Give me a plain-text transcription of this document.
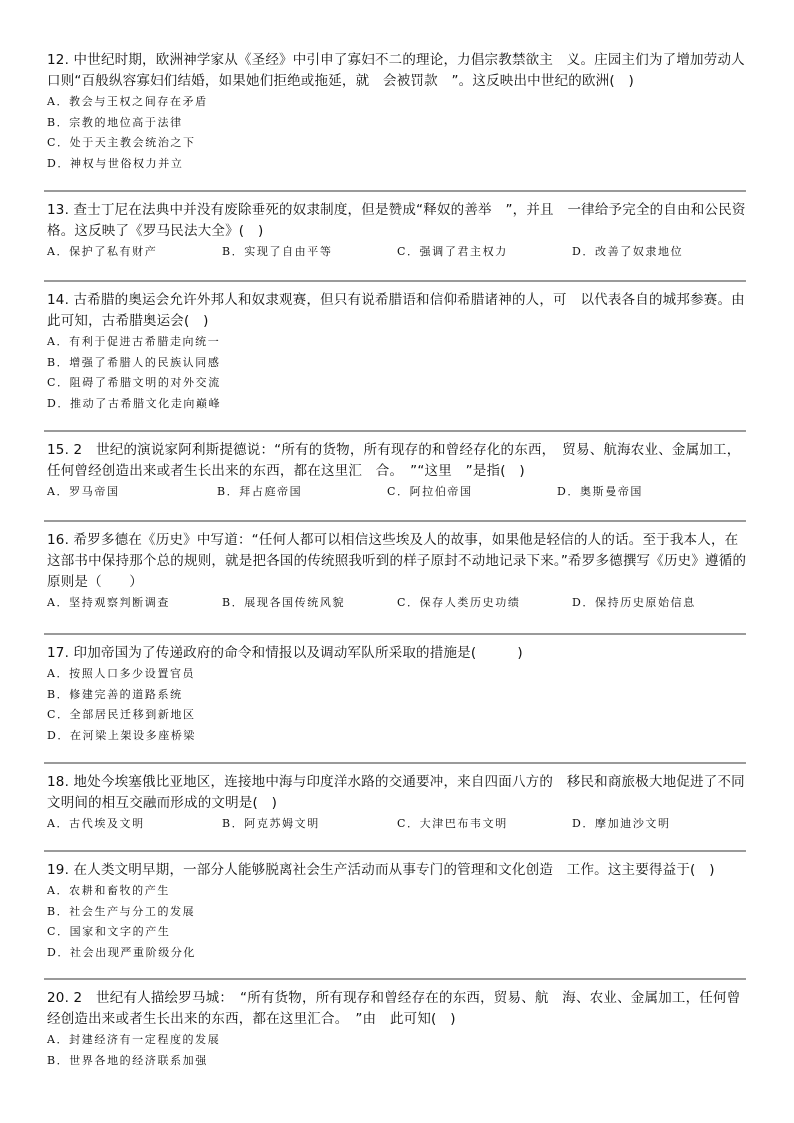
12. 中世纪时期，欧洲神学家从《圣经》中引申了寡妇不二的理论，力倡宗教禁欲主　义。庄园主们为了增加劳动人口则“百般纵容寡妇们结婚，如果她们拒绝或拖延，就　会被罚款　”。这反映出中世纪的欧洲(　)
A．教会与王权之间存在矛盾
B．宗教的地位高于法律
C．处于天主教会统治之下
D．神权与世俗权力并立
13. 查士丁尼在法典中并没有废除垂死的奴隶制度，但是赞成“释奴的善举　”，并且　一律给予完全的自由和公民资格。这反映了《罗马民法大全》(　)
A．保护了私有财产	B．实现了自由平等	C．强调了君主权力	D．改善了奴隶地位
14. 古希腊的奥运会允许外邦人和奴隶观赛，但只有说希腊语和信仰希腊诸神的人，可　以代表各自的城邦参赛。由此可知，古希腊奥运会(　)
A．有利于促进古希腊走向统一
B．增强了希腊人的民族认同感
C．阻碍了希腊文明的对外交流
D．推动了古希腊文化走向巅峰
15. 2　世纪的演说家阿利斯提德说：“所有的货物，所有现存的和曾经存化的东西，　贸易、航海农业、金属加工，任何曾经创造出来或者生长出来的东西，都在这里汇　合。　”“这里　”是指(　)
A．罗马帝国	B．拜占庭帝国	C．阿拉伯帝国	D．奥斯曼帝国
16. 希罗多德在《历史》中写道：“任何人都可以相信这些埃及人的故事，如果他是轻信的人的话。至于我本人，在这部书中保持那个总的规则，就是把各国的传统照我听到的样子原封不动地记录下来。”希罗多德撰写《历史》遵循的原则是（　　）
A．坚持观察判断调查	B．展现各国传统风貌	C．保存人类历史功绩	D．保持历史原始信息
17. 印加帝国为了传递政府的命令和情报以及调动军队所采取的措施是(　　　)
A．按照人口多少设置官员
B．修建完善的道路系统
C．全部居民迁移到新地区
D．在河梁上架设多座桥梁
18. 地处今埃塞俄比亚地区，连接地中海与印度洋水路的交通要冲，来自四面八方的　移民和商旅极大地促进了不同文明间的相互交融而形成的文明是(　)
A．古代埃及文明	B．阿克苏姆文明	C．大津巴布韦文明	D．摩加迪沙文明
19. 在人类文明早期，一部分人能够脱离社会生产活动而从事专门的管理和文化创造　工作。这主要得益于(　)
A．农耕和畜牧的产生
B．社会生产与分工的发展
C．国家和文字的产生
D．社会出现严重阶级分化
20. 2　世纪有人描绘罗马城：　“所有货物，所有现存和曾经存在的东西，贸易、航　海、农业、金属加工，任何曾经创造出来或者生长出来的东西，都在这里汇合。　”由　此可知(　)
A．封建经济有一定程度的发展
B．世界各地的经济联系加强
